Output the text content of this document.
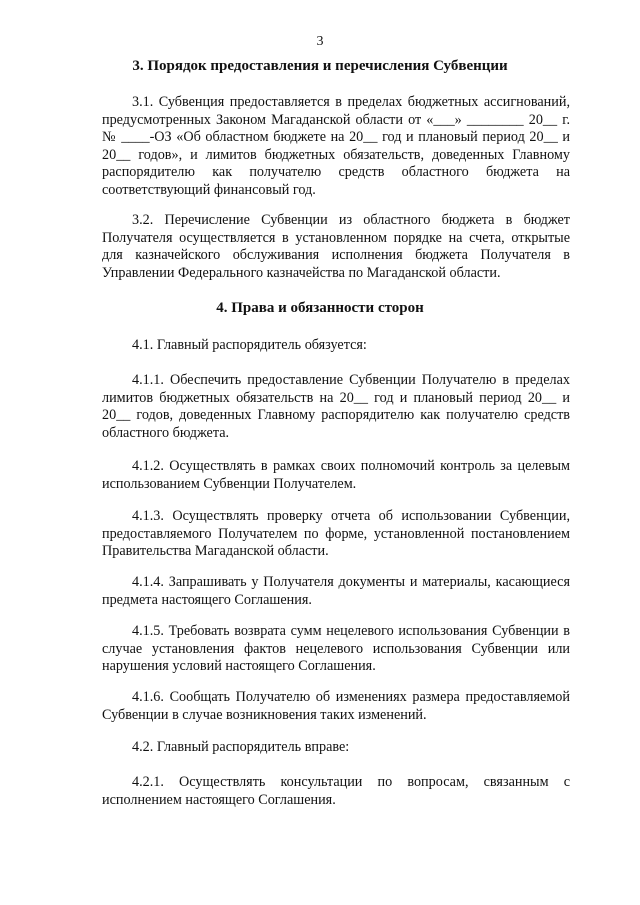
3
3. Порядок предоставления и перечисления Субвенции

3.1. Субвенция предоставляется в пределах бюджетных ассигнований, предусмотренных Законом Магаданской области от «___» ________ 20__ г. № ____-ОЗ «Об областном бюджете на 20__ год и плановый период 20__ и 20__ годов», и лимитов бюджетных обязательств, доведенных Главному распорядителю как получателю средств областного бюджета на соответствующий финансовый год.

3.2. Перечисление Субвенции из областного бюджета в бюджет Получателя осуществляется в установленном порядке на счета, открытые для казначейского обслуживания исполнения бюджета Получателя в Управлении Федерального казначейства по Магаданской области.

4. Права и обязанности сторон

4.1. Главный распорядитель обязуется:

4.1.1. Обеспечить предоставление Субвенции Получателю в пределах лимитов бюджетных обязательств на 20__ год и плановый период 20__ и 20__ годов, доведенных Главному распорядителю как получателю средств областного бюджета.

4.1.2. Осуществлять в рамках своих полномочий контроль за целевым использованием Субвенции Получателем.

4.1.3. Осуществлять проверку отчета об использовании Субвенции, предоставляемого Получателем по форме, установленной постановлением Правительства Магаданской области.

4.1.4. Запрашивать у Получателя документы и материалы, касающиеся предмета настоящего Соглашения.

4.1.5. Требовать возврата сумм нецелевого использования Субвенции в случае установления фактов нецелевого использования Субвенции или нарушения условий настоящего Соглашения.

4.1.6. Сообщать Получателю об изменениях размера предоставляемой Субвенции в случае возникновения таких изменений.

4.2. Главный распорядитель вправе:

4.2.1. Осуществлять консультации по вопросам, связанным с исполнением настоящего Соглашения.
